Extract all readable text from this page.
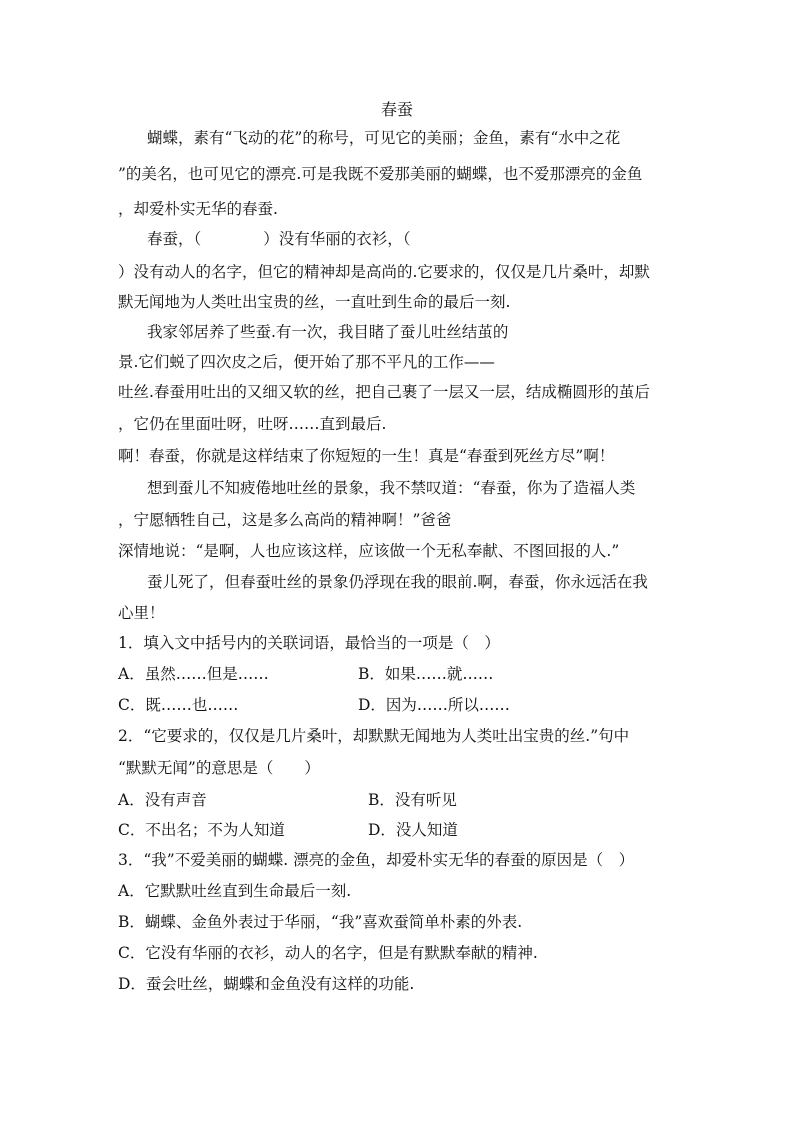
春蚕
蝴蝶，素有“飞动的花”的称号，可见它的美丽；金鱼，素有“水中之花
”的美名，也可见它的漂亮.可是我既不爱那美丽的蝴蝶，也不爱那漂亮的金鱼
，却爱朴实无华的春蚕.
春蚕，（　　　　）没有华丽的衣衫，（
）没有动人的名字，但它的精神却是高尚的.它要求的，仅仅是几片桑叶，却默
默无闻地为人类吐出宝贵的丝，一直吐到生命的最后一刻.
我家邻居养了些蚕.有一次，我目睹了蚕儿吐丝结茧的
景.它们蜕了四次皮之后，便开始了那不平凡的工作——
吐丝.春蚕用吐出的又细又软的丝，把自己裹了一层又一层，结成椭圆形的茧后
，它仍在里面吐呀，吐呀……直到最后.
啊！春蚕，你就是这样结束了你短短的一生！真是“春蚕到死丝方尽”啊！
想到蚕儿不知疲倦地吐丝的景象，我不禁叹道：“春蚕，你为了造福人类
，宁愿牺牲自己，这是多么高尚的精神啊！”爸爸
深情地说：“是啊，人也应该这样，应该做一个无私奉献、不图回报的人.”
蚕儿死了，但春蚕吐丝的景象仍浮现在我的眼前.啊，春蚕，你永远活在我
心里！
1．填入文中括号内的关联词语，最恰当的一项是（　）
A．虽然……但是……	B．如果……就……
C．既……也……	D．因为……所以……
2．“它要求的，仅仅是几片桑叶，却默默无闻地为人类吐出宝贵的丝.”句中
“默默无闻”的意思是（　　）
A．没有声音	B．没有听见
C．不出名；不为人知道	D．没人知道
3．“我”不爱美丽的蝴蝶. 漂亮的金鱼，却爱朴实无华的春蚕的原因是（　）
A．它默默吐丝直到生命最后一刻.
B．蝴蝶、金鱼外表过于华丽，“我”喜欢蚕简单朴素的外表.
C．它没有华丽的衣衫，动人的名字，但是有默默奉献的精神.
D．蚕会吐丝，蝴蝶和金鱼没有这样的功能.
